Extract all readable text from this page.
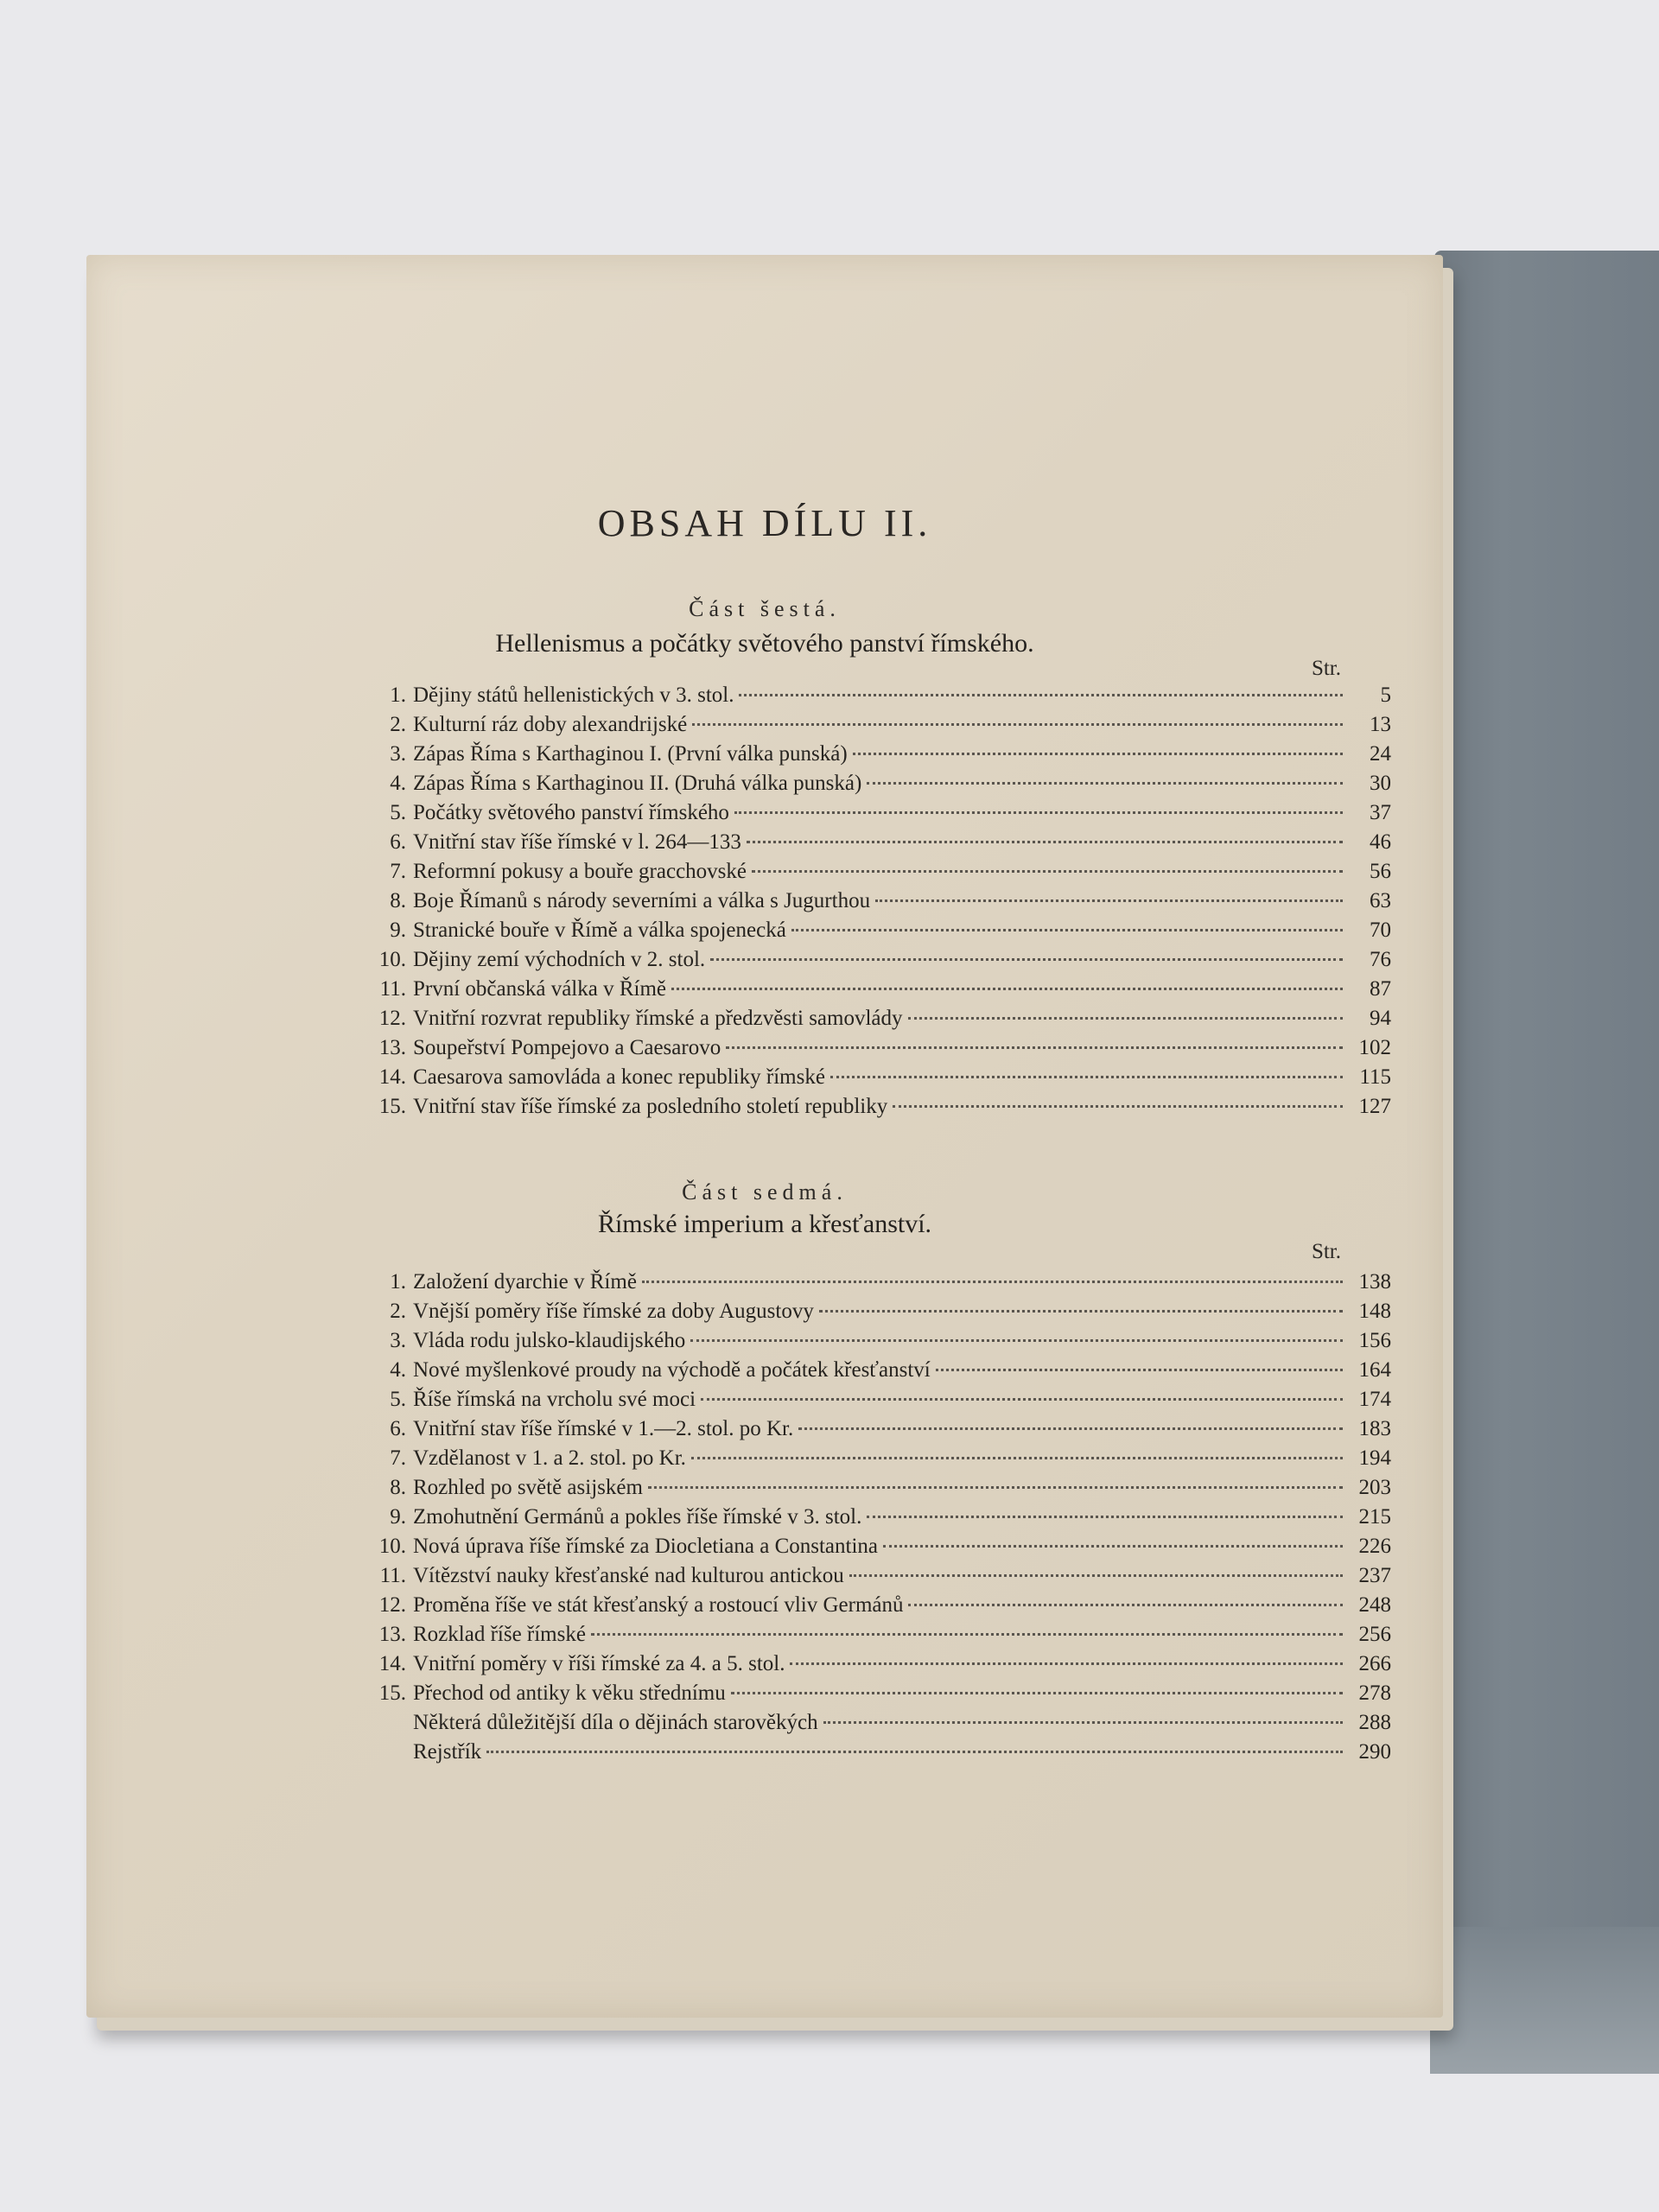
OBSAH DÍLU II.
Část šestá.
Hellenismus a počátky světového panství římského.
Str.
1. Dějiny států hellenistických v 3. stol.	5
2. Kulturní ráz doby alexandrijské	13
3. Zápas Říma s Karthaginou I. (První válka punská)	24
4. Zápas Říma s Karthaginou II. (Druhá válka punská)	30
5. Počátky světového panství římského	37
6. Vnitřní stav říše římské v l. 264—133	46
7. Reformní pokusy a bouře gracchovské	56
8. Boje Římanů s národy severními a válka s Jugurthou	63
9. Stranické bouře v Římě a válka spojenecká	70
10. Dějiny zemí východních v 2. stol.	76
11. První občanská válka v Římě	87
12. Vnitřní rozvrat republiky římské a předzvěsti samovlády	94
13. Soupeřství Pompejovo a Caesarovo	102
14. Caesarova samovláda a konec republiky římské	115
15. Vnitřní stav říše římské za posledního století republiky	127
Část sedmá.
Římské imperium a křesťanství.
Str.
1. Založení dyarchie v Římě	138
2. Vnější poměry říše římské za doby Augustovy	148
3. Vláda rodu julsko-klaudijského	156
4. Nové myšlenkové proudy na východě a počátek křesťanství	164
5. Říše římská na vrcholu své moci	174
6. Vnitřní stav říše římské v 1.—2. stol. po Kr.	183
7. Vzdělanost v 1. a 2. stol. po Kr.	194
8. Rozhled po světě asijském	203
9. Zmohutnění Germánů a pokles říše římské v 3. stol.	215
10. Nová úprava říše římské za Diocletiana a Constantina	226
11. Vítězství nauky křesťanské nad kulturou antickou	237
12. Proměna říše ve stát křesťanský a rostoucí vliv Germánů	248
13. Rozklad říše římské	256
14. Vnitřní poměry v říši římské za 4. a 5. stol.	266
15. Přechod od antiky k věku střednímu	278
Některá důležitější díla o dějinách starověkých	288
Rejstřík	290
